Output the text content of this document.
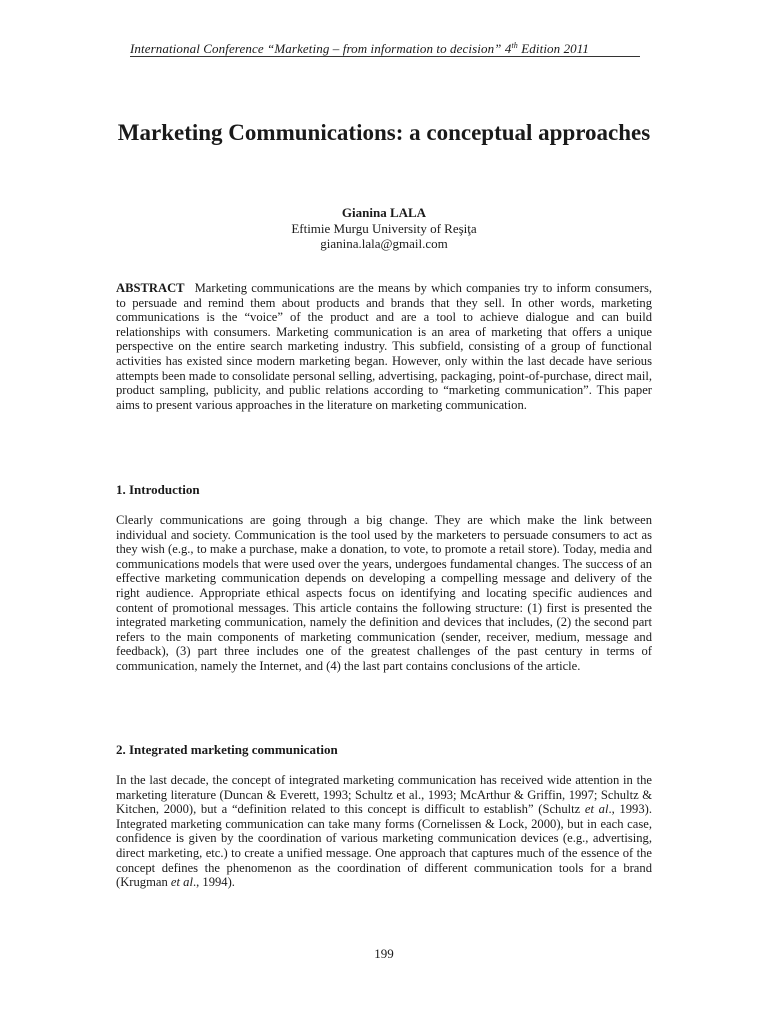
International Conference “Marketing – from information to decision” 4th Edition 2011
Marketing Communications: a conceptual approaches
Gianina LALA
Eftimie Murgu University of Reşiţa
gianina.lala@gmail.com
ABSTRACT Marketing communications are the means by which companies try to inform consumers, to persuade and remind them about products and brands that they sell. In other words, marketing communications is the “voice” of the product and are a tool to achieve dialogue and can build relationships with consumers. Marketing communication is an area of marketing that offers a unique perspective on the entire search marketing industry. This subfield, consisting of a group of functional activities has existed since modern marketing began. However, only within the last decade have serious attempts been made to consolidate personal selling, advertising, packaging, point-of-purchase, direct mail, product sampling, publicity, and public relations according to “marketing communication”. This paper aims to present various approaches in the literature on marketing communication.
1. Introduction
Clearly communications are going through a big change. They are which make the link between individual and society. Communication is the tool used by the marketers to persuade consumers to act as they wish (e.g., to make a purchase, make a donation, to vote, to promote a retail store). Today, media and communications models that were used over the years, undergoes fundamental changes. The success of an effective marketing communication depends on developing a compelling message and delivery of the right audience. Appropriate ethical aspects focus on identifying and locating specific audiences and content of promotional messages. This article contains the following structure: (1) first is presented the integrated marketing communication, namely the definition and devices that includes, (2) the second part refers to the main components of marketing communication (sender, receiver, medium, message and feedback), (3) part three includes one of the greatest challenges of the past century in terms of communication, namely the Internet, and (4) the last part contains conclusions of the article.
2. Integrated marketing communication
In the last decade, the concept of integrated marketing communication has received wide attention in the marketing literature (Duncan & Everett, 1993; Schultz et al., 1993; McArthur & Griffin, 1997; Schultz & Kitchen, 2000), but a “definition related to this concept is difficult to establish” (Schultz et al., 1993). Integrated marketing communication can take many forms (Cornelissen & Lock, 2000), but in each case, confidence is given by the coordination of various marketing communication devices (e.g., advertising, direct marketing, etc.) to create a unified message. One approach that captures much of the essence of the concept defines the phenomenon as the coordination of different communication tools for a brand (Krugman et al., 1994).
199
